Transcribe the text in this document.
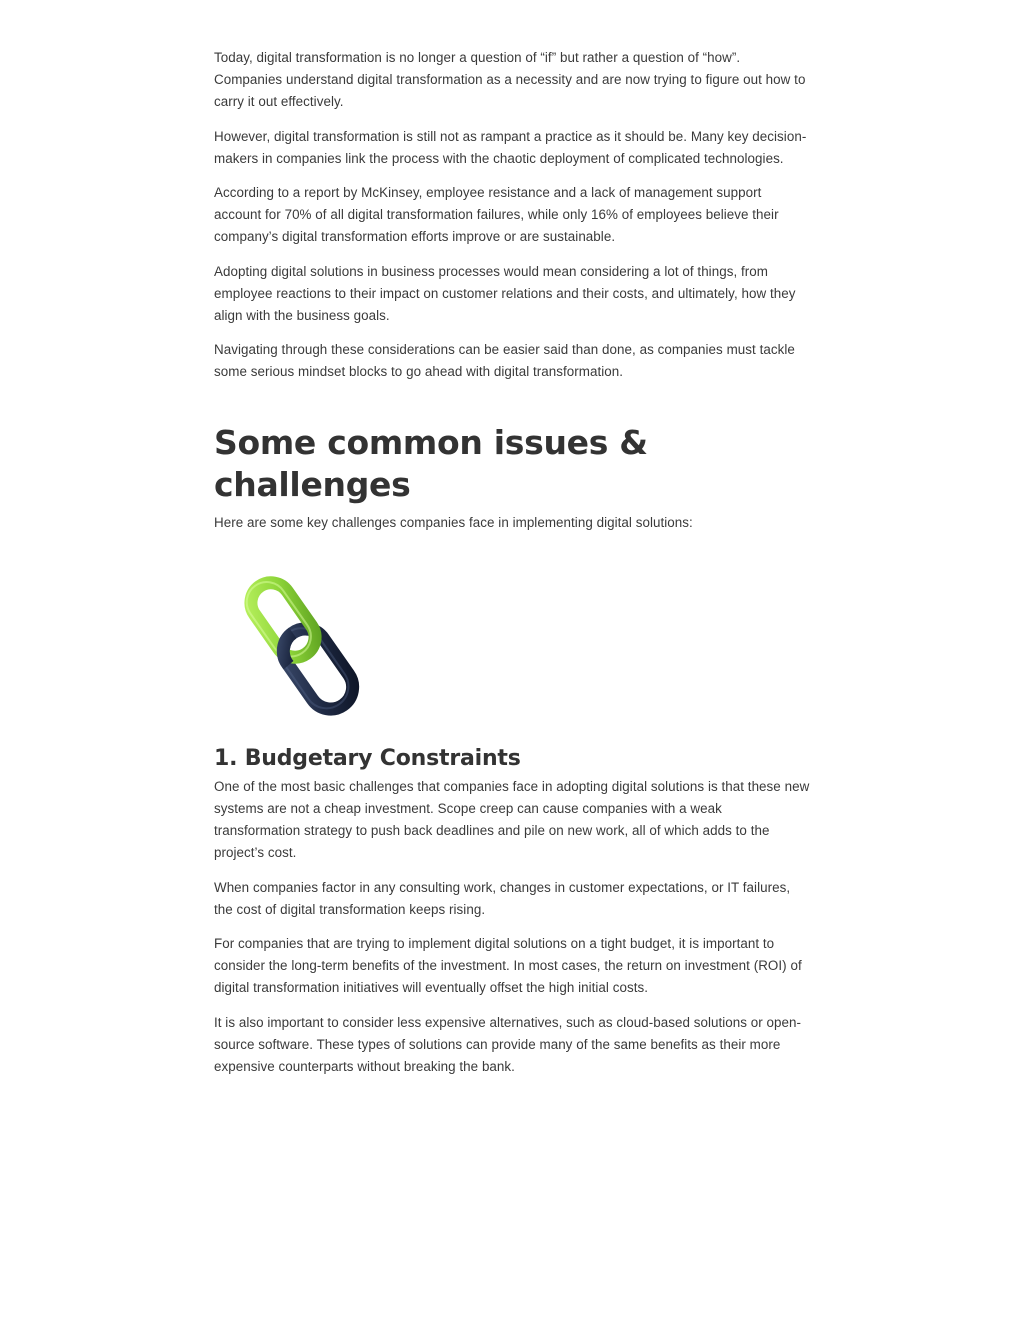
Today, digital transformation is no longer a question of “if” but rather a question of “how”. Companies understand digital transformation as a necessity and are now trying to figure out how to carry it out effectively.

However, digital transformation is still not as rampant a practice as it should be. Many key decision-makers in companies link the process with the chaotic deployment of complicated technologies.

According to a report by McKinsey, employee resistance and a lack of management support account for 70% of all digital transformation failures, while only 16% of employees believe their company’s digital transformation efforts improve or are sustainable.

Adopting digital solutions in business processes would mean considering a lot of things, from employee reactions to their impact on customer relations and their costs, and ultimately, how they align with the business goals.

Navigating through these considerations can be easier said than done, as companies must tackle some serious mindset blocks to go ahead with digital transformation.

Some common issues & challenges

Here are some key challenges companies face in implementing digital solutions:

1. Budgetary Constraints

One of the most basic challenges that companies face in adopting digital solutions is that these new systems are not a cheap investment. Scope creep can cause companies with a weak transformation strategy to push back deadlines and pile on new work, all of which adds to the project’s cost.

When companies factor in any consulting work, changes in customer expectations, or IT failures, the cost of digital transformation keeps rising.

For companies that are trying to implement digital solutions on a tight budget, it is important to consider the long-term benefits of the investment. In most cases, the return on investment (ROI) of digital transformation initiatives will eventually offset the high initial costs.

It is also important to consider less expensive alternatives, such as cloud-based solutions or open-source software. These types of solutions can provide many of the same benefits as their more expensive counterparts without breaking the bank.
